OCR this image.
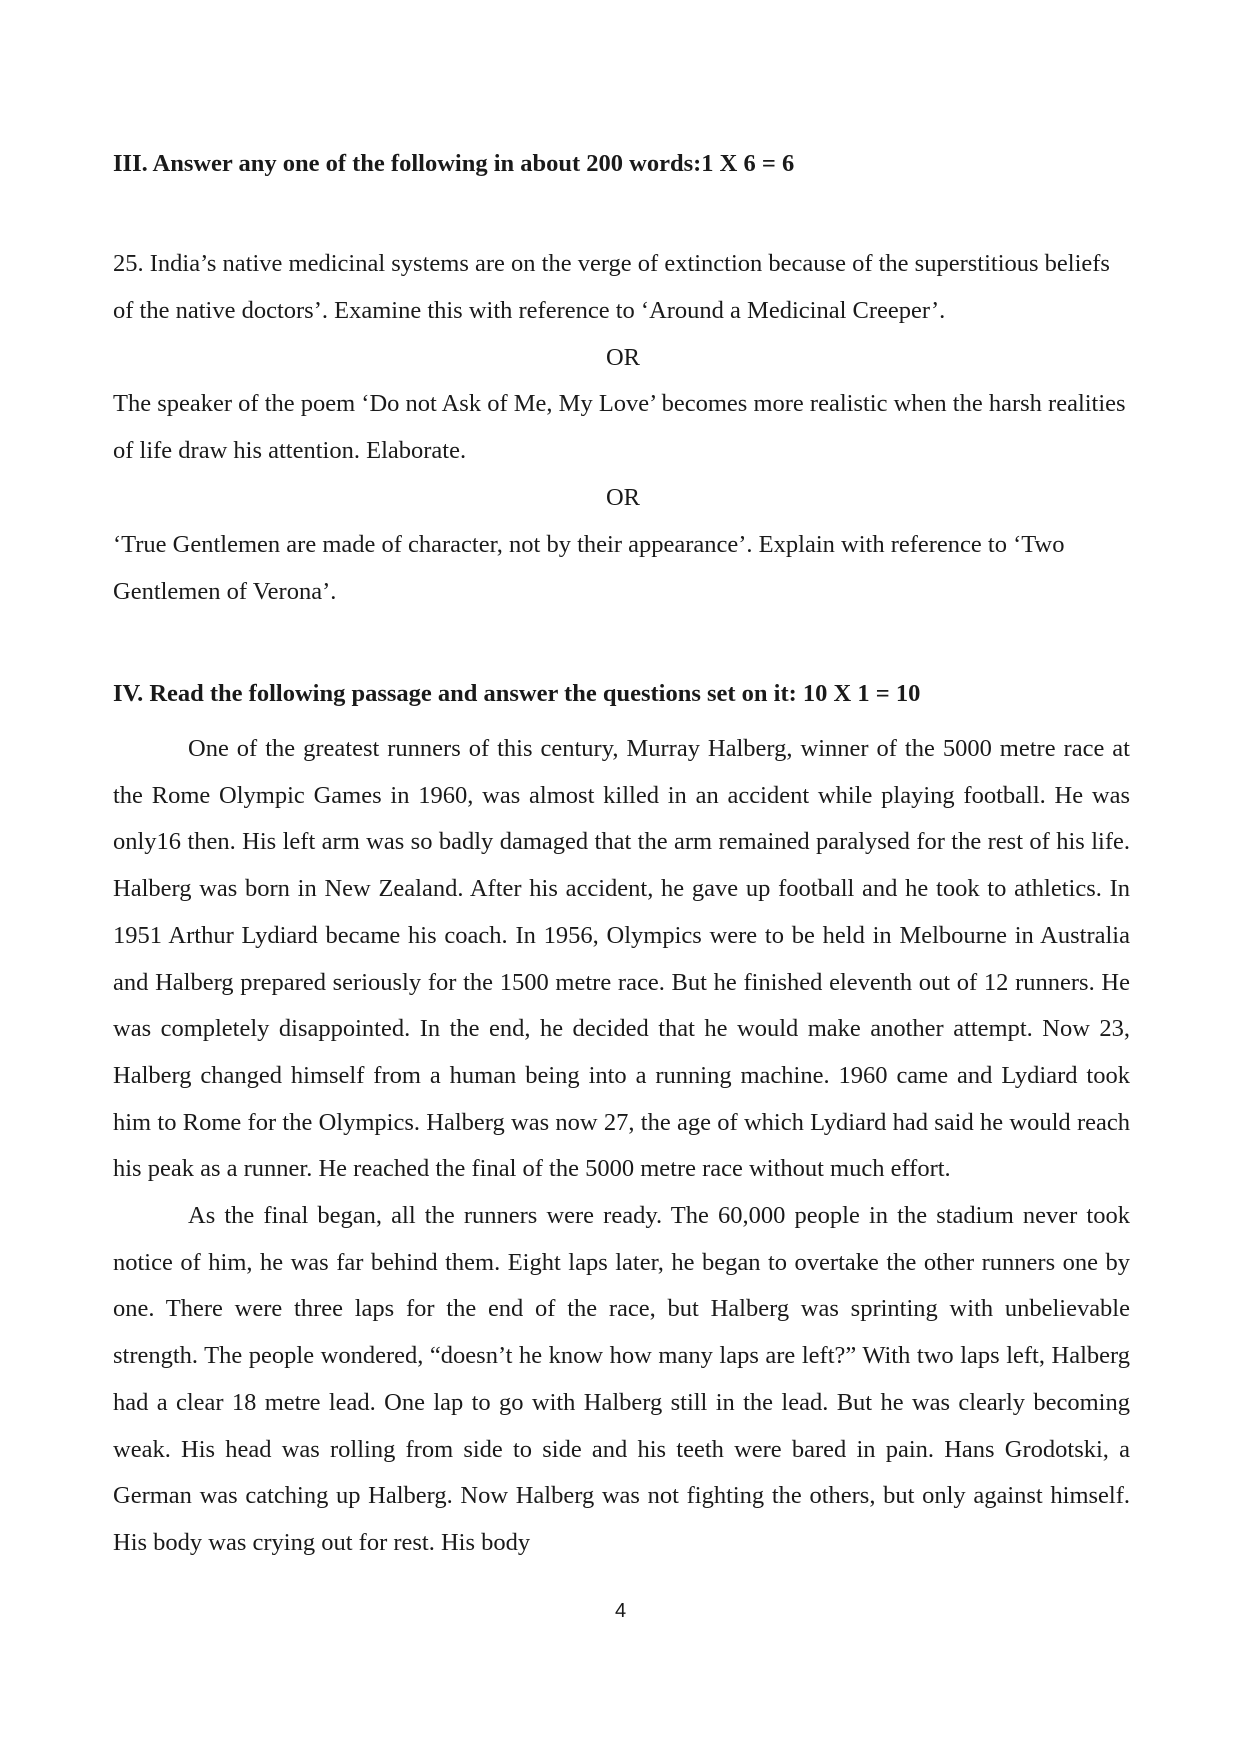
III. Answer any one of the following in about 200 words:1 X 6 = 6

25. India’s native medicinal systems are on the verge of extinction because of the superstitious beliefs of the native doctors’. Examine this with reference to ‘Around a Medicinal Creeper’.

OR

The speaker of the poem ‘Do not Ask of Me, My Love’ becomes more realistic when the harsh realities of life draw his attention. Elaborate.

OR

‘True Gentlemen are made of character, not by their appearance’. Explain with reference to ‘Two Gentlemen of Verona’.

IV. Read the following passage and answer the questions set on it: 10 X 1 = 10

One of the greatest runners of this century, Murray Halberg, winner of the 5000 metre race at the Rome Olympic Games in 1960, was almost killed in an accident while playing football. He was only16 then. His left arm was so badly damaged that the arm remained paralysed for the rest of his life. Halberg was born in New Zealand. After his accident, he gave up football and he took to athletics. In 1951 Arthur Lydiard became his coach. In 1956, Olympics were to be held in Melbourne in Australia and Halberg prepared seriously for the 1500 metre race. But he finished eleventh out of 12 runners. He was completely disappointed. In the end, he decided that he would make another attempt. Now 23, Halberg changed himself from a human being into a running machine. 1960 came and Lydiard took him to Rome for the Olympics. Halberg was now 27, the age of which Lydiard had said he would reach his peak as a runner. He reached the final of the 5000 metre race without much effort.

As the final began, all the runners were ready. The 60,000 people in the stadium never took notice of him, he was far behind them. Eight laps later, he began to overtake the other runners one by one. There were three laps for the end of the race, but Halberg was sprinting with unbelievable strength. The people wondered, “doesn’t he know how many laps are left?” With two laps left, Halberg had a clear 18 metre lead. One lap to go with Halberg still in the lead. But he was clearly becoming weak. His head was rolling from side to side and his teeth were bared in pain. Hans Grodotski, a German was catching up Halberg. Now Halberg was not fighting the others, but only against himself. His body was crying out for rest. His body

4
